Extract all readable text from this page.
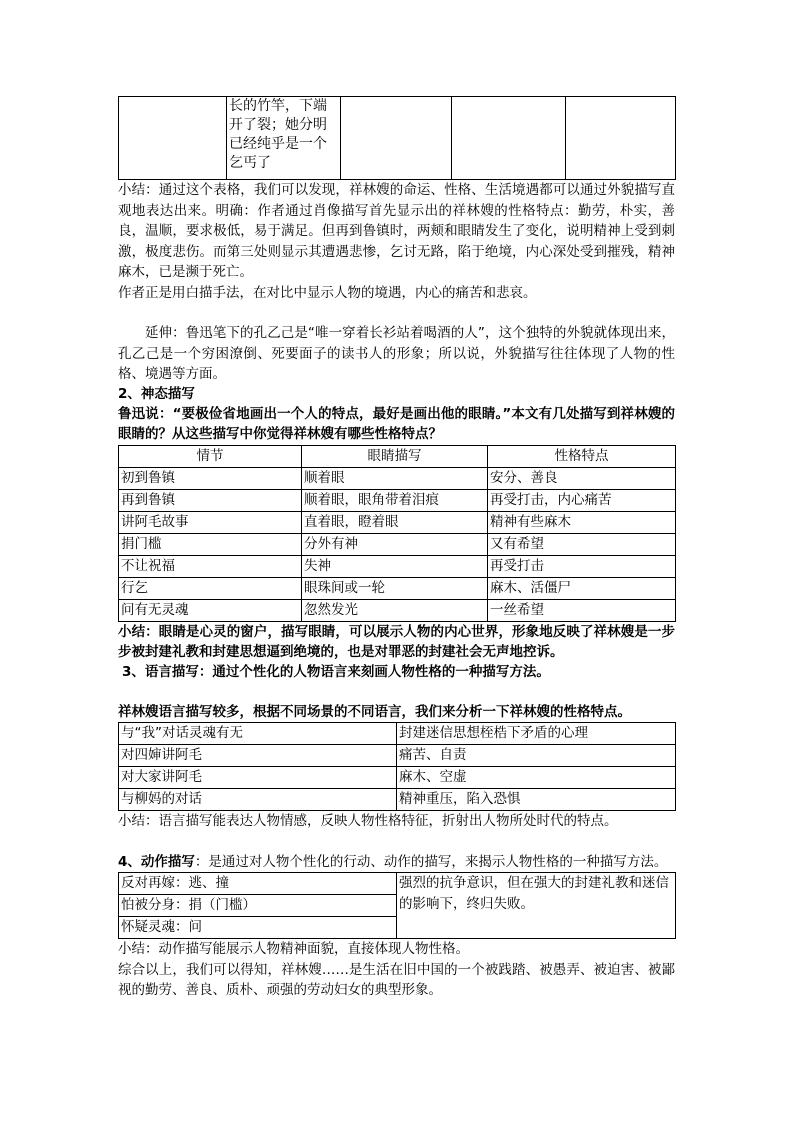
	长的竹竿，下端开了裂；她分明已经纯乎是一个乞丐了			

小结：通过这个表格，我们可以发现，祥林嫂的命运、性格、生活境遇都可以通过外貌描写直观地表达出来。明确：作者通过肖像描写首先显示出的祥林嫂的性格特点：勤劳，朴实，善良，温顺，要求极低，易于满足。但再到鲁镇时，两颊和眼睛发生了变化，说明精神上受到刺激，极度悲伤。而第三处则显示其遭遇悲惨，乞讨无路，陷于绝境，内心深处受到摧残，精神麻木，已是濒于死亡。

作者正是用白描手法，在对比中显示人物的境遇，内心的痛苦和悲哀。

延伸：鲁迅笔下的孔乙己是“唯一穿着长衫站着喝酒的人”，这个独特的外貌就体现出来，孔乙己是一个穷困潦倒、死要面子的读书人的形象；所以说，外貌描写往往体现了人物的性格、境遇等方面。

2、神态描写

鲁迅说：“要极俭省地画出一个人的特点，最好是画出他的眼睛。”本文有几处描写到祥林嫂的眼睛的？从这些描写中你觉得祥林嫂有哪些性格特点？

情节	眼睛描写	性格特点
初到鲁镇	顺着眼	安分、善良
再到鲁镇	顺着眼，眼角带着泪痕	再受打击，内心痛苦
讲阿毛故事	直着眼，瞪着眼	精神有些麻木
捐门槛	分外有神	又有希望
不让祝福	失神	再受打击
行乞	眼珠间或一轮	麻木、活僵尸
问有无灵魂	忽然发光	一丝希望

小结：眼睛是心灵的窗户，描写眼睛，可以展示人物的内心世界，形象地反映了祥林嫂是一步步被封建礼教和封建思想逼到绝境的，也是对罪恶的封建社会无声地控诉。

3、语言描写：通过个性化的人物语言来刻画人物性格的一种描写方法。

祥林嫂语言描写较多，根据不同场景的不同语言，我们来分析一下祥林嫂的性格特点。

与“我”对话灵魂有无	封建迷信思想桎梏下矛盾的心理
对四婶讲阿毛	痛苦、自责
对大家讲阿毛	麻木、空虚
与柳妈的对话	精神重压，陷入恐惧

小结：语言描写能表达人物情感，反映人物性格特征，折射出人物所处时代的特点。

4、动作描写：是通过对人物个性化的行动、动作的描写，来揭示人物性格的一种描写方法。

反对再嫁：逃、撞	强烈的抗争意识，但在强大的封建礼教和迷信的影响下，终归失败。
怕被分身：捐（门槛）
怀疑灵魂：问

小结：动作描写能展示人物精神面貌，直接体现人物性格。

综合以上，我们可以得知，祥林嫂……是生活在旧中国的一个被践踏、被愚弄、被迫害、被鄙视的勤劳、善良、质朴、顽强的劳动妇女的典型形象。
